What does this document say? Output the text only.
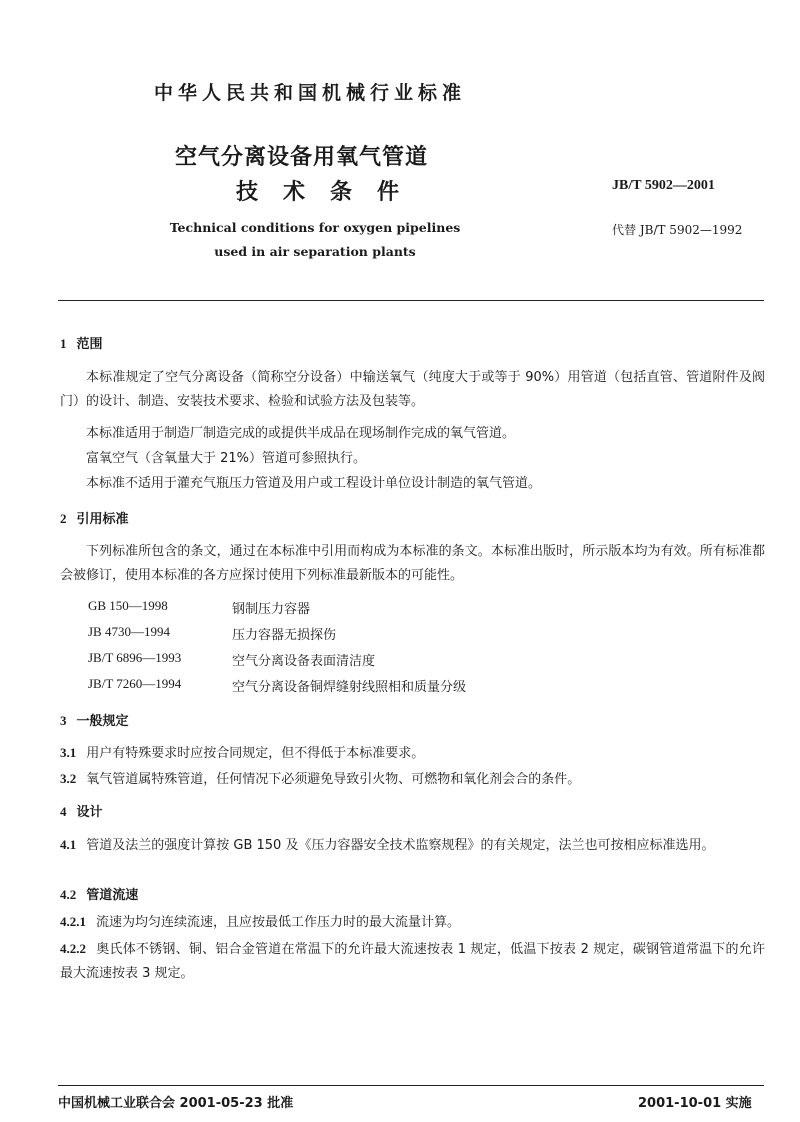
中华人民共和国机械行业标准
空气分离设备用氧气管道
技术条件	JB/T 5902—2001
Technical conditions for oxygen pipelines
used in air separation plants
代替 JB/T 5902—1992
1 范围
本标准规定了空气分离设备（简称空分设备）中输送氧气（纯度大于或等于 90%）用管道（包括直管、管道附件及阀门）的设计、制造、安装技术要求、检验和试验方法及包装等。
本标准适用于制造厂制造完成的或提供半成品在现场制作完成的氧气管道。
富氧空气（含氧量大于 21%）管道可参照执行。
本标准不适用于灌充气瓶压力管道及用户或工程设计单位设计制造的氧气管道。
2 引用标准
下列标准所包含的条文，通过在本标准中引用而构成为本标准的条文。本标准出版时，所示版本均为有效。所有标准都会被修订，使用本标准的各方应探讨使用下列标准最新版本的可能性。
GB 150—1998	钢制压力容器
JB 4730—1994	压力容器无损探伤
JB/T 6896—1993	空气分离设备表面清洁度
JB/T 7260—1994	空气分离设备铜焊缝射线照相和质量分级
3 一般规定
3.1 用户有特殊要求时应按合同规定，但不得低于本标准要求。
3.2 氧气管道属特殊管道，任何情况下必须避免导致引火物、可燃物和氧化剂会合的条件。
4 设计
4.1 管道及法兰的强度计算按 GB 150 及《压力容器安全技术监察规程》的有关规定，法兰也可按相应标准选用。
4.2 管道流速
4.2.1 流速为均匀连续流速，且应按最低工作压力时的最大流量计算。
4.2.2 奥氏体不锈钢、铜、铝合金管道在常温下的允许最大流速按表 1 规定，低温下按表 2 规定，碳钢管道常温下的允许最大流速按表 3 规定。
中国机械工业联合会 2001-05-23 批准	2001-10-01 实施
